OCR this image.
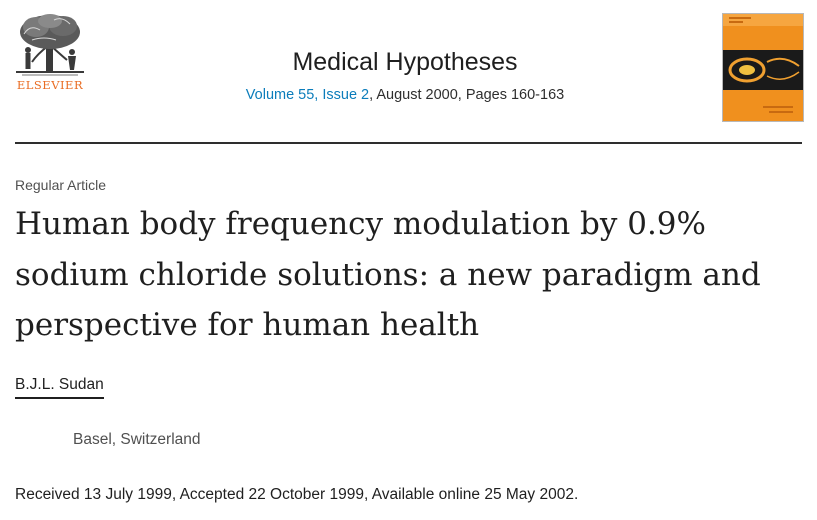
ELSEVIER
Medical Hypotheses
Volume 55, Issue 2, August 2000, Pages 160-163
Regular Article
Human body frequency modulation by 0.9% sodium chloride solutions: a new paradigm and perspective for human health
B.J.L. Sudan
Basel, Switzerland
Received 13 July 1999, Accepted 22 October 1999, Available online 25 May 2002.
